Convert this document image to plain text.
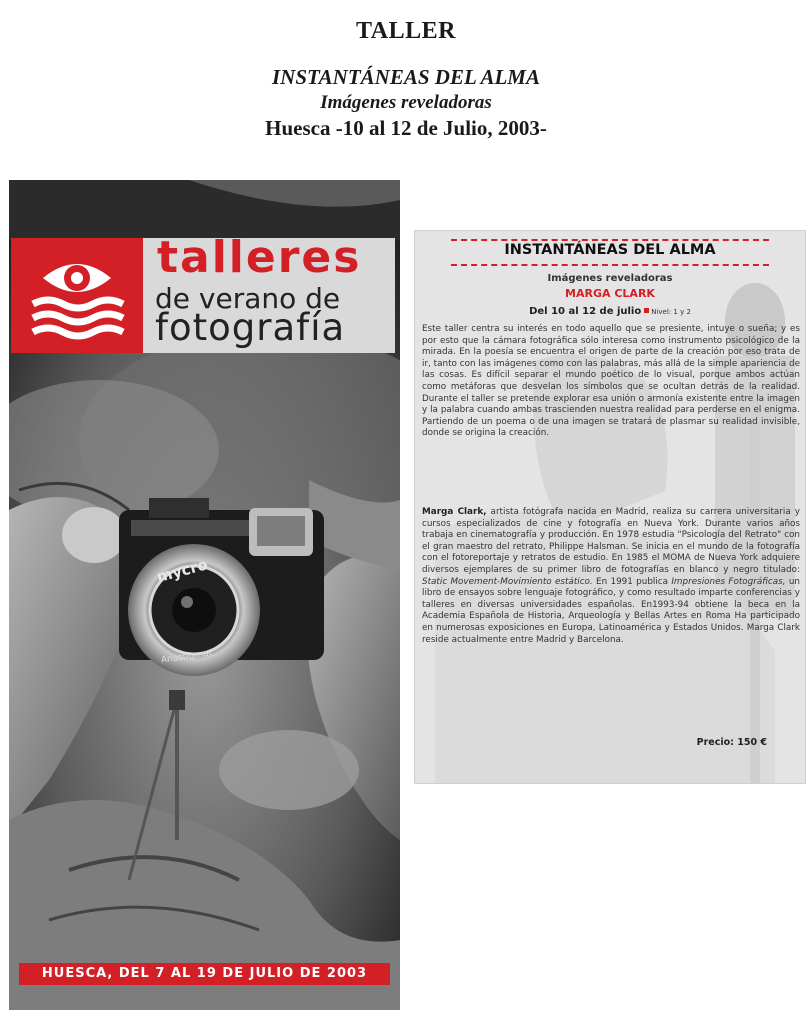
TALLER
INSTANTÁNEAS DEL ALMA
Imágenes reveladoras
Huesca -10 al 12 de Julio, 2003-
mycro
Anastigmat
talleres
de verano de
fotografía
HUESCA, DEL 7 AL 19 DE JULIO DE 2003
INSTANTÁNEAS DEL ALMA
Imágenes reveladoras
MARGA CLARK
Del 10 al 12 de julio Nivel: 1 y 2
Este taller centra su interés en todo aquello que se presiente, intuye o sueña; y es por esto que la cámara fotográfica sólo interesa como instrumento psicológico de la mirada. En la poesía se encuentra el origen de parte de la creación por eso trata de ir, tanto con las imágenes como con las palabras, más allá de la simple apariencia de las cosas. Es difícil separar el mundo poético de lo visual, porque ambos actúan como metáforas que desvelan los símbolos que se ocultan detrás de la realidad. Durante el taller se pretende explorar esa unión o armonía existente entre la imagen y la palabra cuando ambas trascienden nuestra realidad para perderse en el enigma. Partiendo de un poema o de una imagen se tratará de plasmar su realidad invisible, donde se origina la creación.
Marga Clark, artista fotógrafa nacida en Madrid, realiza su carrera universitaria y cursos especializados de cine y fotografía en Nueva York. Durante varios años trabaja en cinematografía y producción. En 1978 estudia "Psicología del Retrato" con el gran maestro del retrato, Philippe Halsman. Se inicia en el mundo de la fotografía con el fotoreportaje y retratos de estudio. En 1985 el MOMA de Nueva York adquiere diversos ejemplares de su primer libro de fotografías en blanco y negro titulado: Static Movement-Movimiento estático. En 1991 publica Impresiones Fotográficas, un libro de ensayos sobre lenguaje fotográfico, y como resultado imparte conferencias y talleres en diversas universidades españolas. En1993-94 obtiene la beca en la Academia Española de Historia, Arqueología y Bellas Artes en Roma Ha participado en numerosas exposiciones en Europa, Latinoamérica y Estados Unidos. Marga Clark reside actualmente entre Madrid y Barcelona.
Precio: 150 €
